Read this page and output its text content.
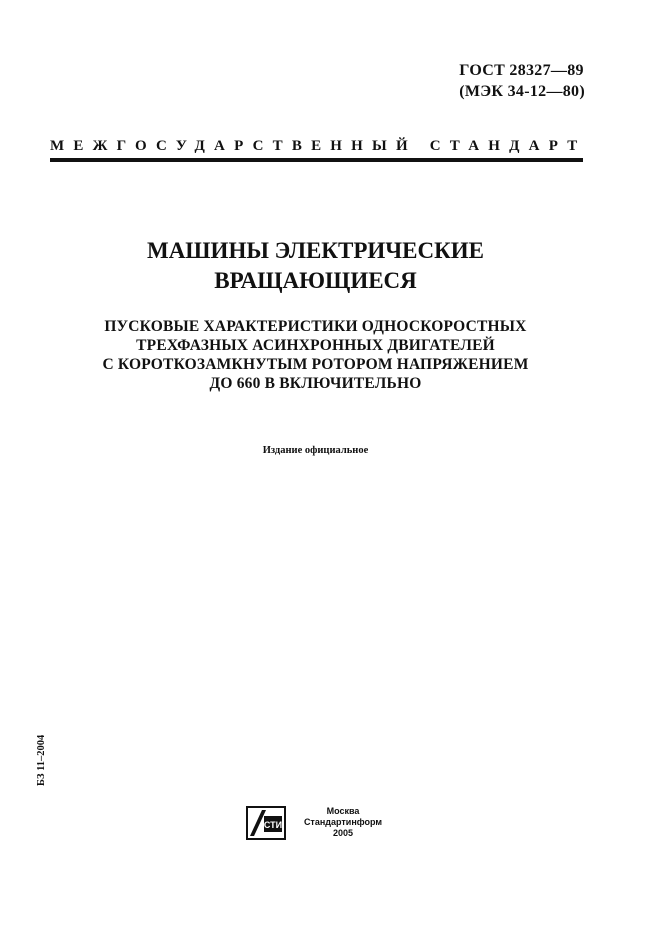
ГОСТ 28327—89
(МЭК 34-12—80)
МЕЖГОСУДАРСТВЕННЫЙ СТАНДАРТ
МАШИНЫ ЭЛЕКТРИЧЕСКИЕ
ВРАЩАЮЩИЕСЯ
ПУСКОВЫЕ ХАРАКТЕРИСТИКИ ОДНОСКОРОСТНЫХ
ТРЕХФАЗНЫХ АСИНХРОННЫХ ДВИГАТЕЛЕЙ
С КОРОТКОЗАМКНУТЫМ РОТОРОМ НАПРЯЖЕНИЕМ
ДО 660 В ВКЛЮЧИТЕЛЬНО
Издание официальное
БЗ 11–2004
СТИ
Москва
Стандартинформ
2005
